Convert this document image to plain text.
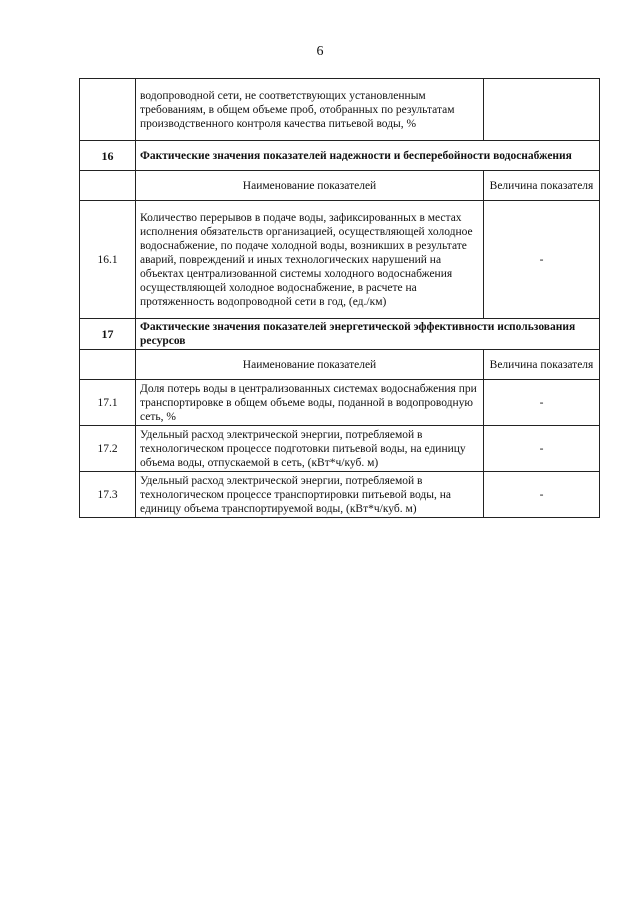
6
	водопроводной сети, не соответствующих установленным требованиям, в общем объеме проб, отобранных по результатам производственного контроля качества питьевой воды, %	
16	Фактические значения показателей надежности и бесперебойности водоснабжения	
	Наименование показателей	Величина показателя
16.1	Количество перерывов в подаче воды, зафиксированных в местах исполнения обязательств организацией, осуществляющей холодное водоснабжение, по подаче холодной воды, возникших в результате аварий, повреждений и иных технологических нарушений на объектах централизованной системы холодного водоснабжения осуществляющей холодное водоснабжение, в расчете на протяженность водопроводной сети в год, (ед./км)	-
17	Фактические значения показателей энергетической эффективности использования ресурсов	
	Наименование показателей	Величина показателя
17.1	Доля потерь воды в централизованных системах водоснабжения при транспортировке в общем объеме воды, поданной в водопроводную сеть, %	-
17.2	Удельный расход электрической энергии, потребляемой в технологическом процессе подготовки питьевой воды, на единицу объема воды, отпускаемой в сеть, (кВт*ч/куб. м)	-
17.3	Удельный расход электрической энергии, потребляемой в технологическом процессе транспортировки питьевой воды, на единицу объема транспортируемой воды, (кВт*ч/куб. м)	-
